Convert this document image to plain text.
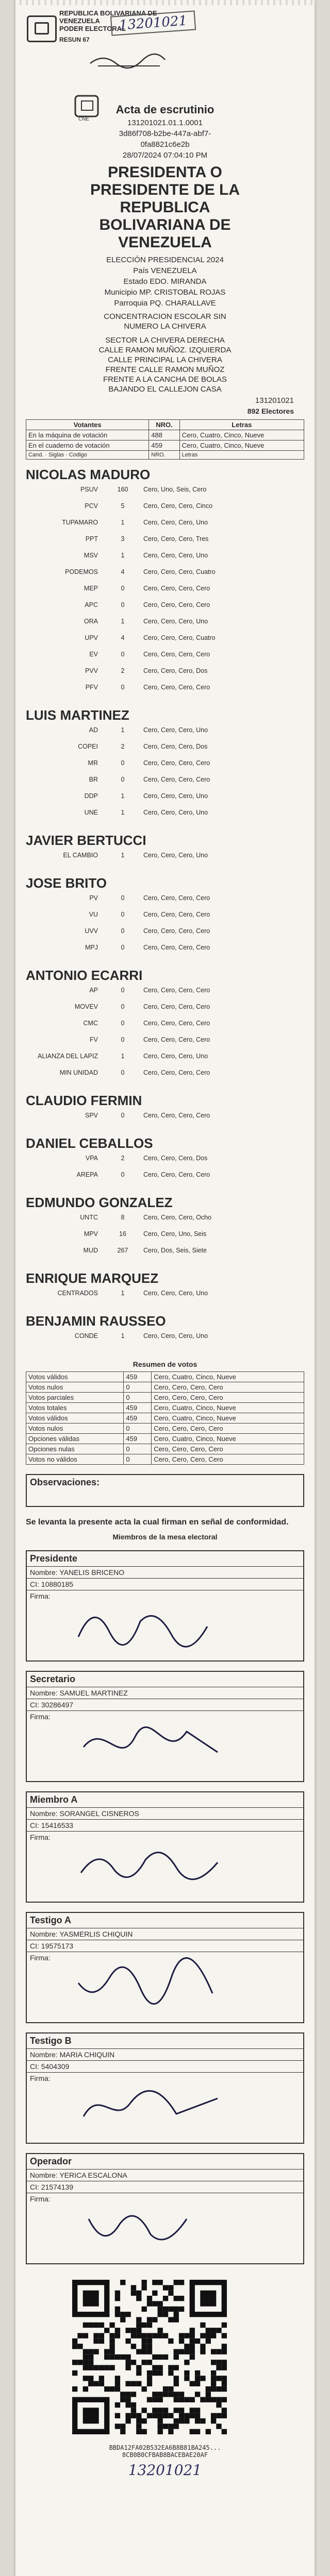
REPUBLICA BOLIVARIANA DE VENEZUELA
PODER ELECTORAL
13201021
RESUN 67
CNE
Acta de escrutinio
131201021.01.1.0001
3d86f708-b2be-447a-abf7-
0fa8821c6e2b
28/07/2024 07:04:10 PM
PRESIDENTA O
PRESIDENTE DE LA
REPUBLICA
BOLIVARIANA DE
VENEZUELA
ELECCIÓN PRESIDENCIAL 2024
País VENEZUELA
Estado EDO. MIRANDA
Municipio MP. CRISTOBAL ROJAS
Parroquia PQ. CHARALLAVE
CONCENTRACION ESCOLAR SIN
NUMERO LA CHIVERA
SECTOR LA CHIVERA DERECHA
CALLE RAMON MUÑOZ. IZQUIERDA
CALLE PRINCIPAL LA CHIVERA
FRENTE CALLE RAMON MUÑOZ
FRENTE A LA CANCHA DE BOLAS
BAJANDO EL CALLEJON CASA
131201021
892 Electores
Votantes	NRO.	Letras
En la máquina de votación	488	Cero, Cuatro, Cinco, Nueve
En el cuaderno de votación	459	Cero, Cuatro, Cinco, Nueve
Cand. · Siglas · Codigo	NRO.	Letras
NICOLAS MADURO
PSUV	160	Cero, Uno, Seis, Cero
PCV	5	Cero, Cero, Cero, Cinco
TUPAMARO	1	Cero, Cero, Cero, Uno
PPT	3	Cero, Cero, Cero, Tres
MSV	1	Cero, Cero, Cero, Uno
PODEMOS	4	Cero, Cero, Cero, Cuatro
MEP	0	Cero, Cero, Cero, Cero
APC	0	Cero, Cero, Cero, Cero
ORA	1	Cero, Cero, Cero, Uno
UPV	4	Cero, Cero, Cero, Cuatro
EV	0	Cero, Cero, Cero, Cero
PVV	2	Cero, Cero, Cero, Dos
PFV	0	Cero, Cero, Cero, Cero
LUIS MARTINEZ
AD	1	Cero, Cero, Cero, Uno
COPEI	2	Cero, Cero, Cero, Dos
MR	0	Cero, Cero, Cero, Cero
BR	0	Cero, Cero, Cero, Cero
DDP	1	Cero, Cero, Cero, Uno
UNE	1	Cero, Cero, Cero, Uno
JAVIER BERTUCCI
EL CAMBIO	1	Cero, Cero, Cero, Uno
JOSE BRITO
PV	0	Cero, Cero, Cero, Cero
VU	0	Cero, Cero, Cero, Cero
UVV	0	Cero, Cero, Cero, Cero
MPJ	0	Cero, Cero, Cero, Cero
ANTONIO ECARRI
AP	0	Cero, Cero, Cero, Cero
MOVEV	0	Cero, Cero, Cero, Cero
CMC	0	Cero, Cero, Cero, Cero
FV	0	Cero, Cero, Cero, Cero
ALIANZA DEL LAPIZ	1	Cero, Cero, Cero, Uno
MIN UNIDAD	0	Cero, Cero, Cero, Cero
CLAUDIO FERMIN
SPV	0	Cero, Cero, Cero, Cero
DANIEL CEBALLOS
VPA	2	Cero, Cero, Cero, Dos
AREPA	0	Cero, Cero, Cero, Cero
EDMUNDO GONZALEZ
UNTC	8	Cero, Cero, Cero, Ocho
MPV	16	Cero, Cero, Uno, Seis
MUD	267	Cero, Dos, Seis, Siete
ENRIQUE MARQUEZ
CENTRADOS	1	Cero, Cero, Cero, Uno
BENJAMIN RAUSSEO
CONDE	1	Cero, Cero, Cero, Uno
Resumen de votos
Votos válidos	459	Cero, Cuatro, Cinco, Nueve
Votos nulos	0	Cero, Cero, Cero, Cero
Votos parciales	0	Cero, Cero, Cero, Cero
Votos totales	459	Cero, Cuatro, Cinco, Nueve
Votos válidos	459	Cero, Cuatro, Cinco, Nueve
Votos nulos	0	Cero, Cero, Cero, Cero
Opciones válidas	459	Cero, Cuatro, Cinco, Nueve
Opciones nulas	0	Cero, Cero, Cero, Cero
Votos no válidos	0	Cero, Cero, Cero, Cero
Observaciones:
Se levanta la presente acta la cual firman en señal de conformidad.
Miembros de la mesa electoral
Presidente
Nombre: YANELIS BRICENO
CI: 10880185
Firma:
Secretario
Nombre: SAMUEL MARTINEZ
CI: 30286497
Firma:
Miembro A
Nombre: SORANGEL CISNEROS
CI: 15416533
Firma:
Testigo A
Nombre: YASMERLIS CHIQUIN
CI: 19575173
Firma:
Testigo B
Nombre: MARIA CHIQUIN
CI: 5404309
Firma:
Operador
Nombre: YERICA ESCALONA
CI: 21574139
Firma:
BBDA12FA02B532EA6B8B81BA245...
8CB0B0CFBAB8BACEBAE20AF
13201021
